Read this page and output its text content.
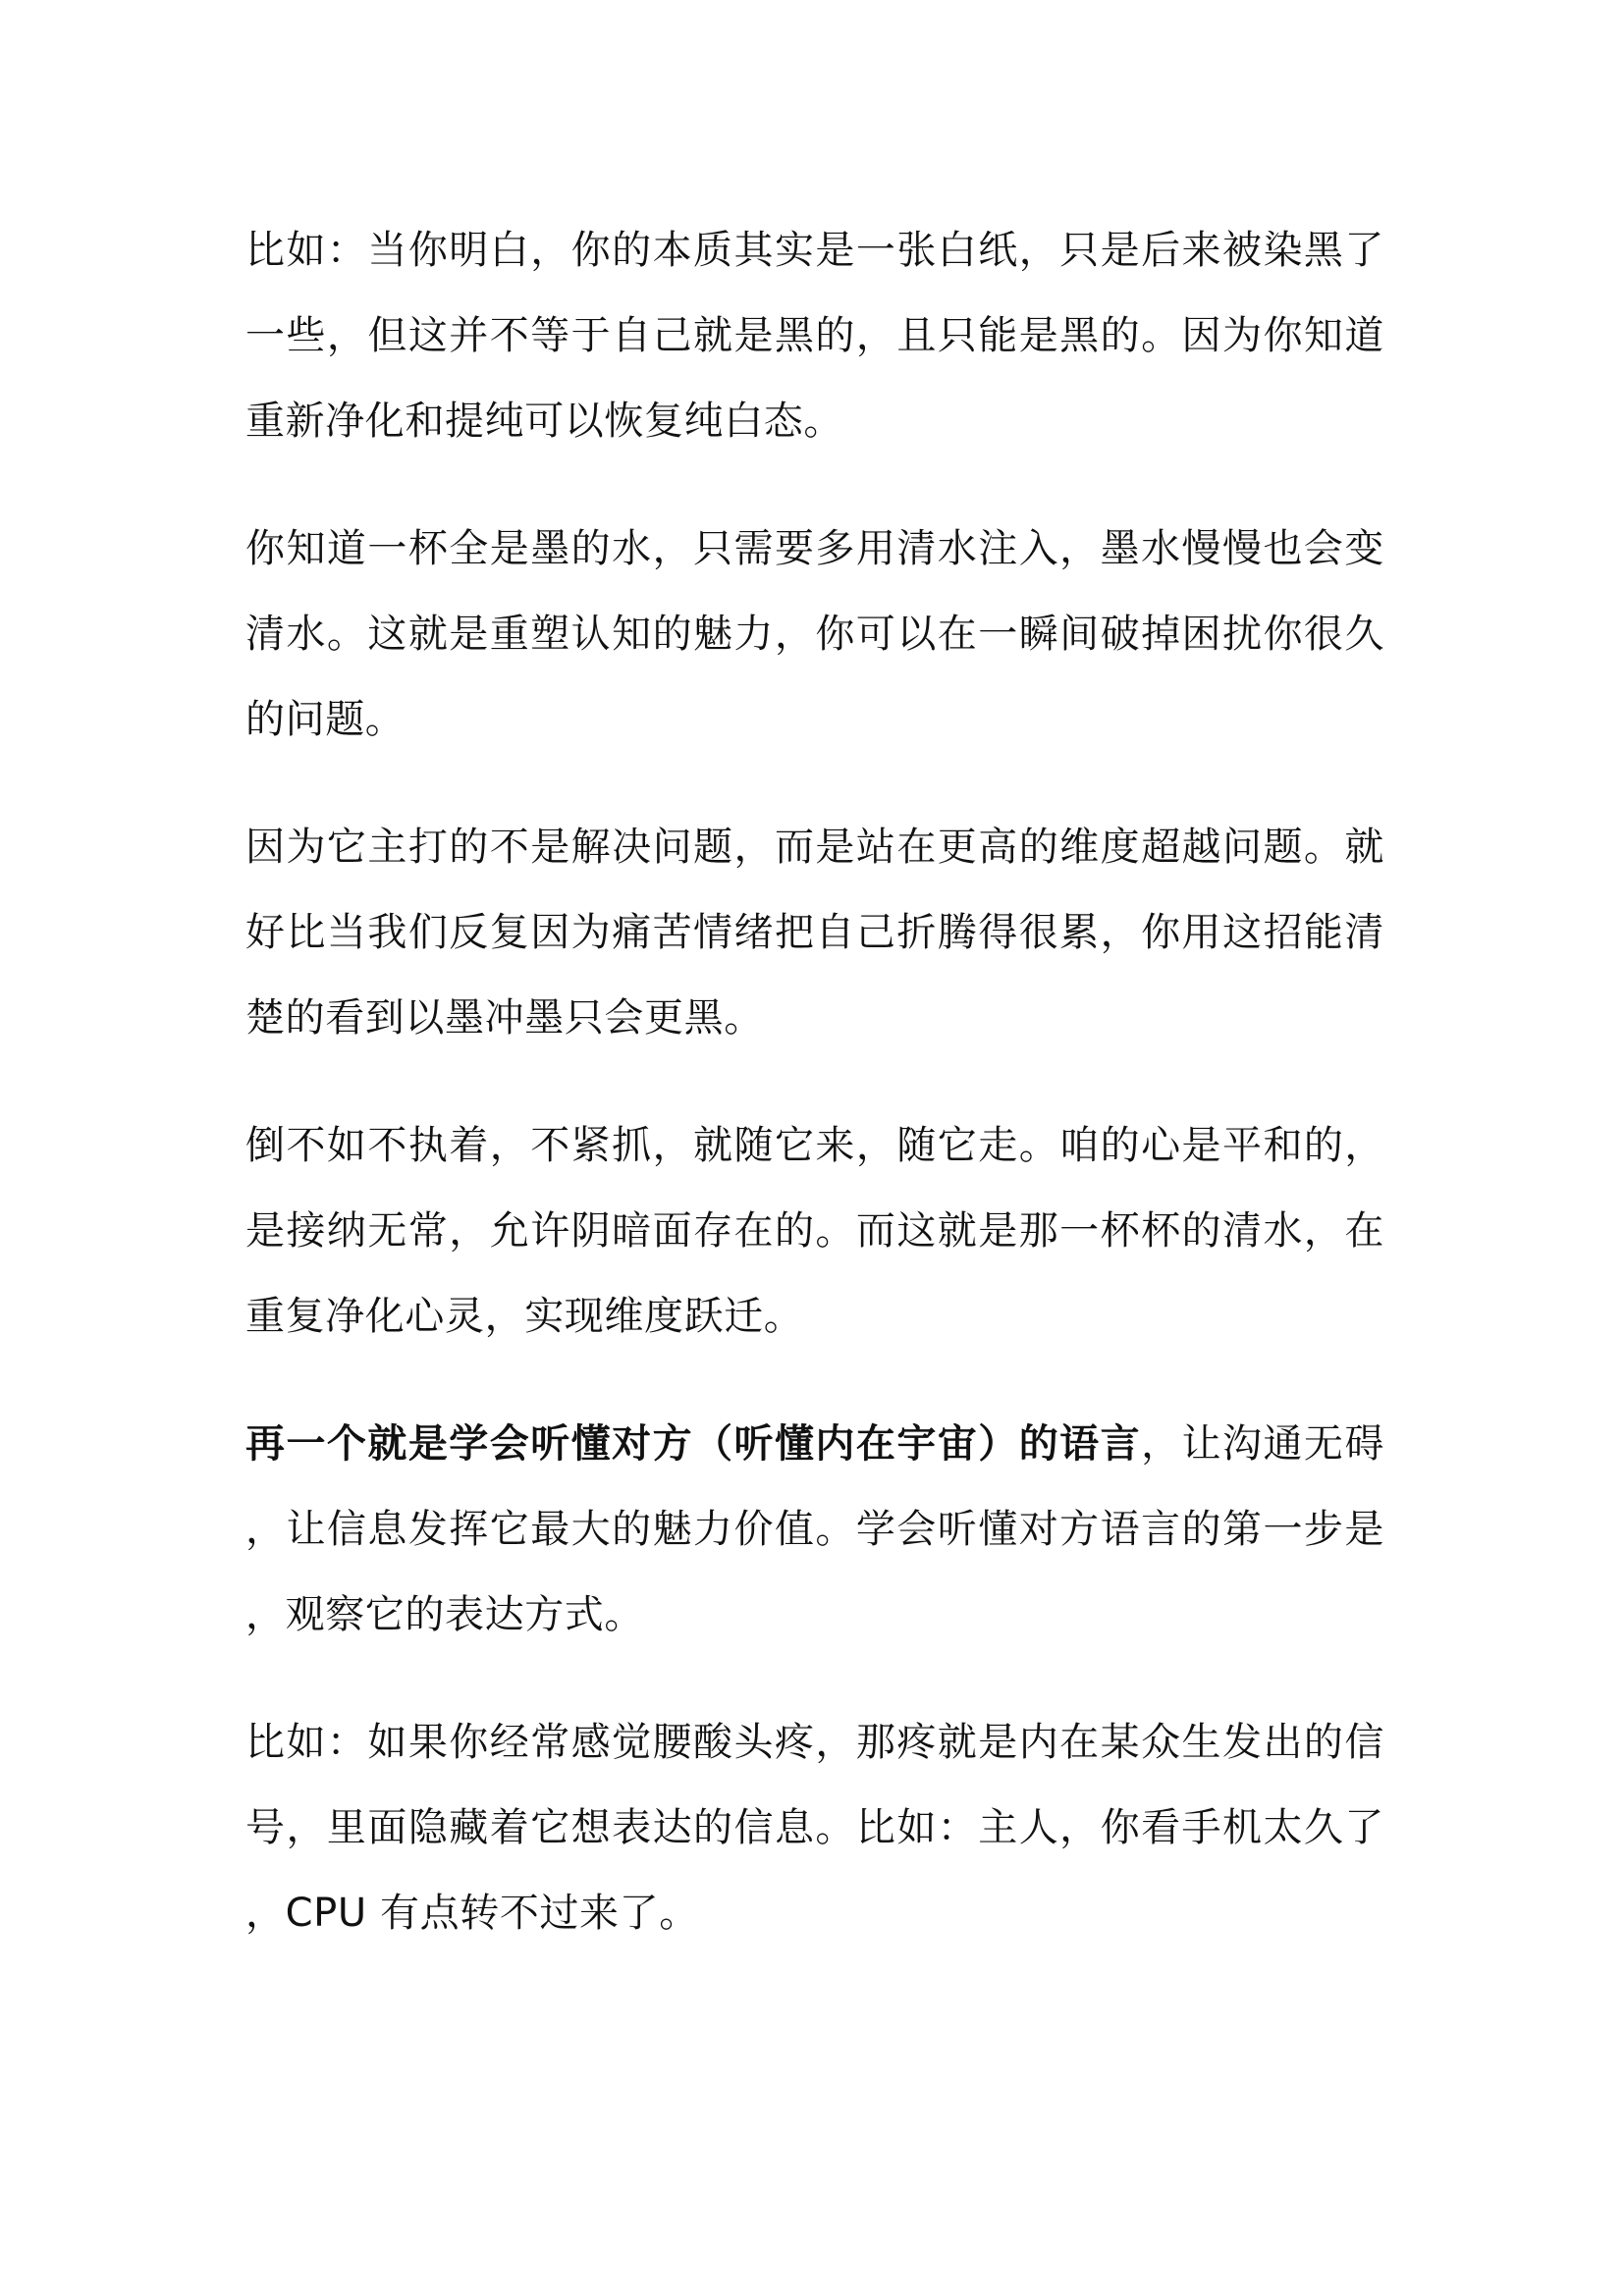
比如：当你明白，你的本质其实是一张白纸，只是后来被染黑了一些，但这并不等于自己就是黑的，且只能是黑的。因为你知道重新净化和提纯可以恢复纯白态。

你知道一杯全是墨的水，只需要多用清水注入，墨水慢慢也会变清水。这就是重塑认知的魅力，你可以在一瞬间破掉困扰你很久的问题。

因为它主打的不是解决问题，而是站在更高的维度超越问题。就好比当我们反复因为痛苦情绪把自己折腾得很累，你用这招能清楚的看到以墨冲墨只会更黑。

倒不如不执着，不紧抓，就随它来，随它走。咱的心是平和的，是接纳无常，允许阴暗面存在的。而这就是那一杯杯的清水，在重复净化心灵，实现维度跃迁。

再一个就是学会听懂对方（听懂内在宇宙）的语言，让沟通无碍，让信息发挥它最大的魅力价值。学会听懂对方语言的第一步是，观察它的表达方式。

比如：如果你经常感觉腰酸头疼，那疼就是内在某众生发出的信号，里面隐藏着它想表达的信息。比如：主人，你看手机太久了，CPU 有点转不过来了。
